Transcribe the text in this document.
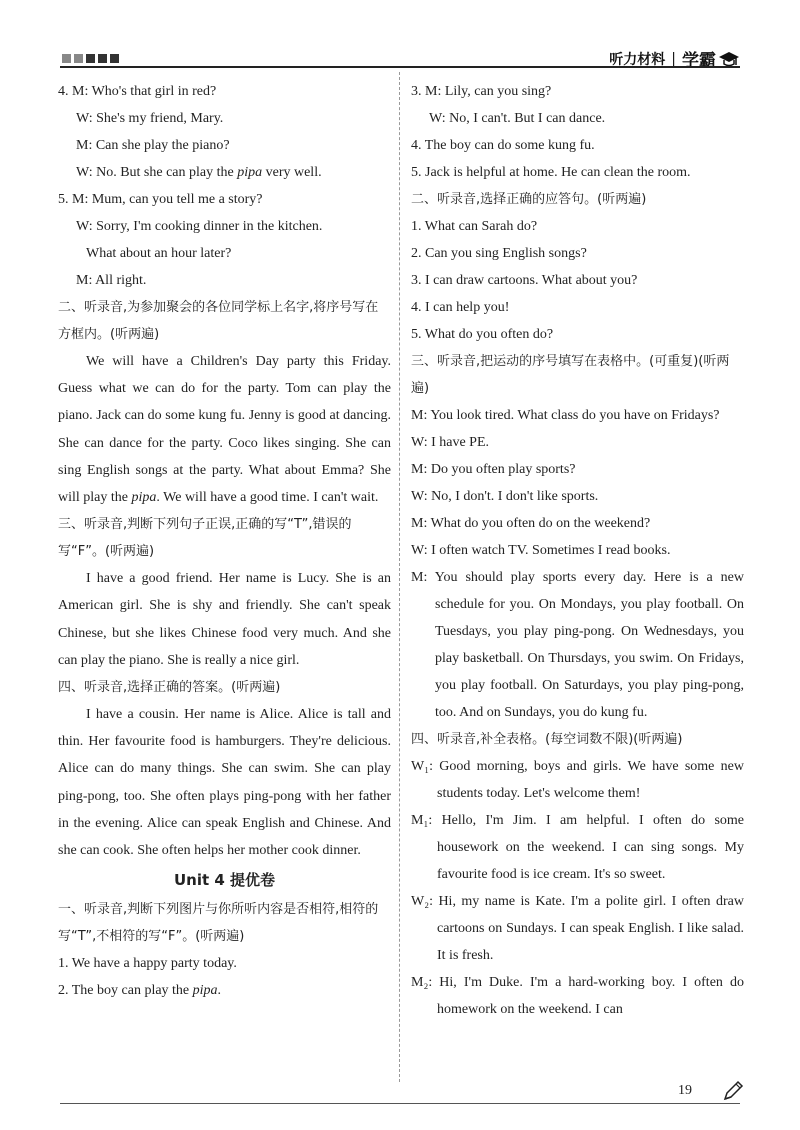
听力材料 | 学霸
4. M: Who's that girl in red?
W: She's my friend, Mary.
M: Can she play the piano?
W: No. But she can play the pipa very well.
5. M: Mum, can you tell me a story?
W: Sorry, I'm cooking dinner in the kitchen.
What about an hour later?
M: All right.
二、听录音,为参加聚会的各位同学标上名字,将序号写在方框内。(听两遍)

We will have a Children's Day party this Friday. Guess what we can do for the party. Tom can play the piano. Jack can do some kung fu. Jenny is good at dancing. She can dance for the party. Coco likes singing. She can sing English songs at the party. What about Emma? She will play the pipa. We will have a good time. I can't wait.

三、听录音,判断下列句子正误,正确的写“T”,错误的写“F”。(听两遍)

I have a good friend. Her name is Lucy. She is an American girl. She is shy and friendly. She can't speak Chinese, but she likes Chinese food very much. And she can play the piano. She is really a nice girl.

四、听录音,选择正确的答案。(听两遍)

I have a cousin. Her name is Alice. Alice is tall and thin. Her favourite food is hamburgers. They're delicious. Alice can do many things. She can swim. She can play ping-pong, too. She often plays ping-pong with her father in the evening. Alice can speak English and Chinese. And she can cook. She often helps her mother cook dinner.

Unit 4 提优卷
一、听录音,判断下列图片与你所听内容是否相符,相符的写“T”,不相符的写“F”。(听两遍)
1. We have a happy party today.
2. The boy can play the pipa.
3. M: Lily, can you sing?
W: No, I can't. But I can dance.
4. The boy can do some kung fu.
5. Jack is helpful at home. He can clean the room.
二、听录音,选择正确的应答句。(听两遍)
1. What can Sarah do?
2. Can you sing English songs?
3. I can draw cartoons. What about you?
4. I can help you!
5. What do you often do?
三、听录音,把运动的序号填写在表格中。(可重复)(听两遍)
M: You look tired. What class do you have on Fridays?
W: I have PE.
M: Do you often play sports?
W: No, I don't. I don't like sports.
M: What do you often do on the weekend?
W: I often watch TV. Sometimes I read books.
M: You should play sports every day. Here is a new schedule for you. On Mondays, you play football. On Tuesdays, you play ping-pong. On Wednesdays, you play basketball. On Thursdays, you swim. On Fridays, you play football. On Saturdays, you play ping-pong, too. And on Sundays, you do kung fu.
四、听录音,补全表格。(每空词数不限)(听两遍)
W₁: Good morning, boys and girls. We have some new students today. Let's welcome them!
M₁: Hello, I'm Jim. I am helpful. I often do some housework on the weekend. I can sing songs. My favourite food is ice cream. It's so sweet.
W₂: Hi, my name is Kate. I'm a polite girl. I often draw cartoons on Sundays. I can speak English. I like salad. It is fresh.
M₂: Hi, I'm Duke. I'm a hard-working boy. I often do homework on the weekend. I can
19
